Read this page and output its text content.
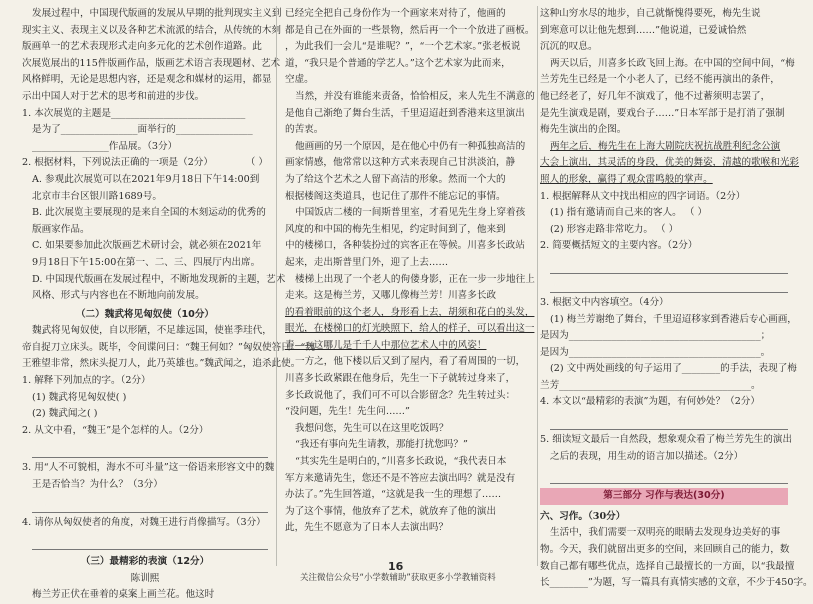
发展过程中，中国现代版画的发展从早期的批判现实主义到
现实主义、表现主义以及各种艺术流派的结合，从传统的木刻
版画单一的艺术表现形式走向多元化的艺术创作道路。此
次展览展出的115件版画作品，版画艺术语言表现题材、艺术
风格鲜明，无论是思想内容，还是观念和媒材的运用，都显
示出中国人对于艺术的思考和前进的步伐。
1. 本次展览的主题是____________________________
是为了________________面举行的________________
________________作品展。（3分）
2. 根据材料，下列说法正确的一项是（2分）	（ ）
A. 参观此次展览可以在2021年9月18日下午14:00到
北京市丰台区银川路1689号。
B. 此次展览主要展现的是来自全国的木刻运动的优秀的
版画家作品。
C. 如果要参加此次版画艺术研讨会，就必须在2021年
9月18日下午15:00在第一、二、三、四展厅内出席。
D. 中国现代版画在发展过程中，不断地发现新的主题，艺术
风格、形式与内容也在不断地向前发展。
（二）魏武将见匈奴使（10分）
魏武将见匈奴使，自以形陋，不足雄远国，使崔季珪代，
帝自捉刀立床头。既毕，令间谍问曰：“魏王何如？”匈奴使答曰：“魏
王雅望非常，然床头捉刀人，此乃英雄也。”魏武闻之，追杀此使。
1. 解释下列加点的字。（2分）
(1) 魏武将见匈奴使( )
(2) 魏武闻之( )
2. 从文中看，“魏王”是个怎样的人。（2分）
3. 用“人不可貌相，海水不可斗量”这一俗语来形容文中的魏
王是否恰当？为什么？（3分）
4. 请你从匈奴使者的角度，对魏王进行肖像描写。（3分）
（三）最精彩的表演（12分）
陈训熙
梅兰芳正伏在垂着的桌案上画兰花。他这时
已经完全把自己身份作为一个画家来对待了，他画的
都是自己在外面的一些景物，然后再一个一个放进了画板。
，为此我们一会儿“是谁呢？”，“一个艺术家。”张老板说
道，“我只是个普通的学艺人。”这个艺术家为此而来，
空虚。
当然，并没有谁能来责备，恰恰相反，来人先生不满意的
是他自己渐绝了舞台生活，千里迢迢赶到香港来这里演出
的苦衷。
他画画的另一个原因，是在他心中仍有一种孤独高洁的
画家情感，他常常以这种方式来表现自己甘洪淡泊，静
为了给这个艺术之人留下高洁的形象。然而一个大的
根据楼阁这类道具，也记住了那件不能忘记的事情。
中国饭店二楼的一间斯普里室，才看见先生身上穿着孩
风度的和中国的梅先生相见，约定时间到了，他来到
中的楼梯口，各种装扮过的宾客正在等候。川喜多长政站
起来，走出斯普里门外，迎了上去……
楼梯上出现了一个老人的佝偻身影，正在一步一步地往上
走来。这是梅兰芳，又哪儿像梅兰芳！川喜多长政
的看着眼前的这个老人，身形看上去，胡须和花白的头发，
眼光，在楼梯口的灯光映照下，给人的样子，可以看出这一
青——这哪儿是千千人中那位艺术人中的风姿！
一方之，他下楼以后又到了屋内，看了看周围的一切，
川喜多长政紧跟在他身后，先生一下子就转过身来了，
多长政说他了，我们可不可以合影留念？先生转过头：
“没问题，先生！先生问……”
我想问您，先生可以在这里吃饭吗？
“我还有事向先生请教，那能打扰您吗？”
“其实先生是明白的，”川喜多长政说，“我代表日本
军方来邀请先生，您还不是不答应去演出吗？就是没有
办法了。”先生回答道，“这就是我一生的理想了……
为了这个事情，他放弃了艺术，就放弃了他的演出
此，先生不愿意为了日本人去演出吗？
这种山穷水尽的地步，自己就惭愧得要死，梅先生说
到寒意可以让他先想到……”他说道，已爱诚恰然
沉沉的叹息。
两天以后，川喜多长政飞回上海。在中国的空间中间，“梅
兰芳先生已经是一个小老人了，已经不能再演出的条件，
他已经老了，好几年不演戏了，他不过蓄须明志罢了，
是先生演戏是剧，要戏台子……”日本军部于是打消了强制
梅先生演出的企图。
两年之后，梅先生在上海大剧院庆祝抗战胜利纪念公演
大会上演出，其灵活的身段，优美的舞姿，清越的歌喉和光彩
照人的形象，赢得了观众雷鸣般的掌声。
1. 根据解释从文中找出相应的四字词语。（2分）
(1) 指有邀请而自己来的客人。 （ ）
(2) 形容走路非常吃力。 （ ）
2. 简要概括短文的主要内容。（2分）
3. 根据文中内容填空。（4分）
(1) 梅兰芳谢绝了舞台，千里迢迢移家到香港后专心画画，
是因为________________________________________；
是因为________________________________________。
(2) 文中两处画线的句子运用了________的手法，表现了梅
兰芳________________________________________。
4. 本文以“最精彩的表演”为题，有何妙处？（2分）
5. 细读短文最后一自然段，想象观众看了梅兰芳先生的演出
之后的表现，用生动的语言加以描述。（2分）
第三部分 习作与表达(30分)
六、习作。（30分）
生活中，我们需要一双明亮的眼睛去发现身边美好的事
物。今天，我们就留出更多的空间，来回顾自己的能力，数
数自己都有哪些优点，选择自己最擅长的一方面，以“我最擅
长________”为题，写一篇具有真情实感的文章，不少于450字。
16
关注微信公众号“小学数辅助”获取更多小学教辅资料
